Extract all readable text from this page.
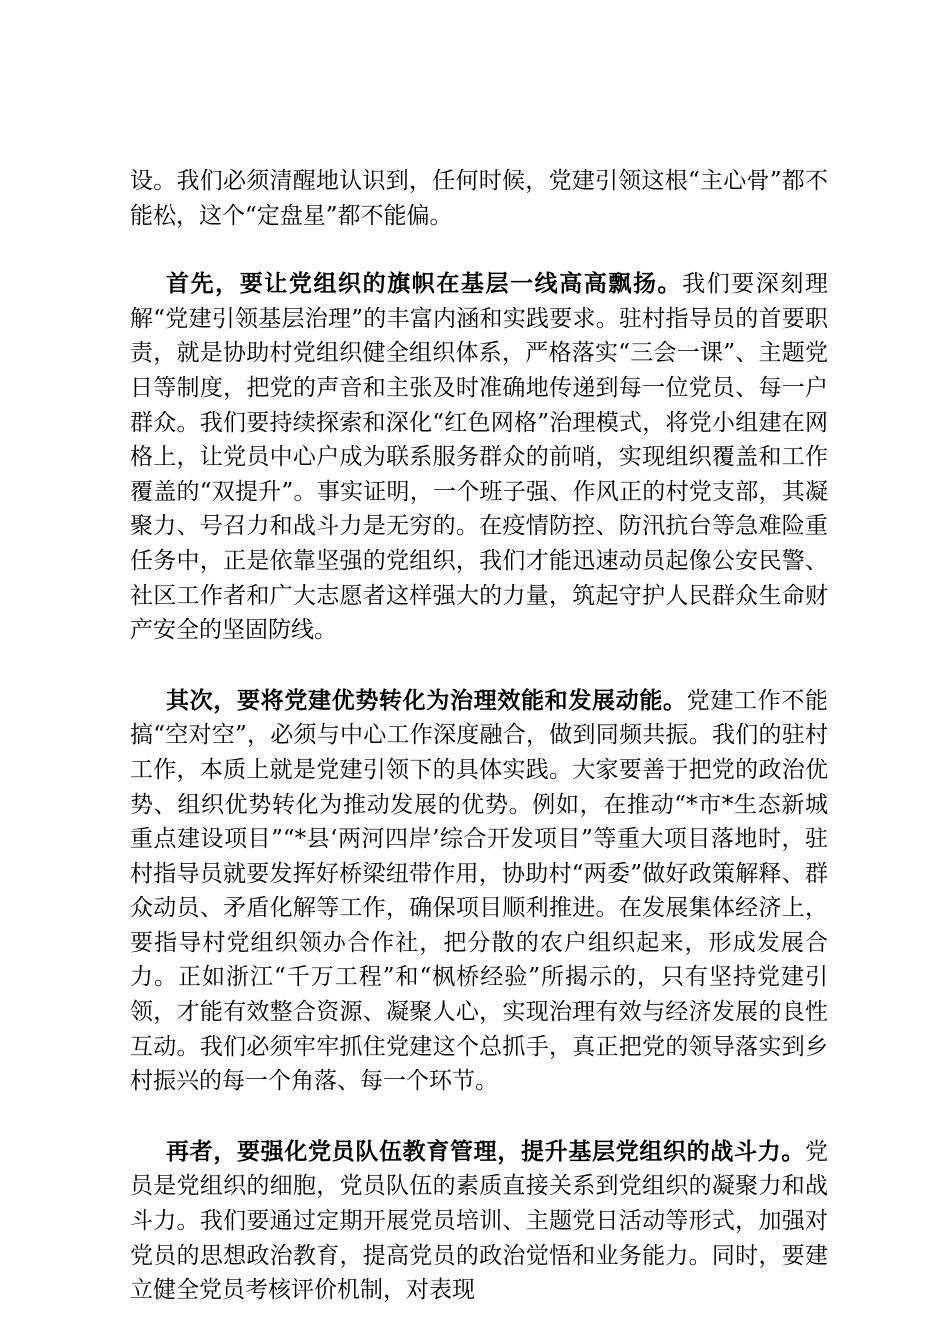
设。我们必须清醒地认识到，任何时候，党建引领这根“主心骨”都不能松，这个“定盘星”都不能偏。

首先，要让党组织的旗帜在基层一线高高飘扬。我们要深刻理解“党建引领基层治理”的丰富内涵和实践要求。驻村指导员的首要职责，就是协助村党组织健全组织体系，严格落实“三会一课”、主题党日等制度，把党的声音和主张及时准确地传递到每一位党员、每一户群众。我们要持续探索和深化“红色网格”治理模式，将党小组建在网格上，让党员中心户成为联系服务群众的前哨，实现组织覆盖和工作覆盖的“双提升”。事实证明，一个班子强、作风正的村党支部，其凝聚力、号召力和战斗力是无穷的。在疫情防控、防汛抗台等急难险重任务中，正是依靠坚强的党组织，我们才能迅速动员起像公安民警、社区工作者和广大志愿者这样强大的力量，筑起守护人民群众生命财产安全的坚固防线。

其次，要将党建优势转化为治理效能和发展动能。党建工作不能搞“空对空”，必须与中心工作深度融合，做到同频共振。我们的驻村工作，本质上就是党建引领下的具体实践。大家要善于把党的政治优势、组织优势转化为推动发展的优势。例如，在推动“*市*生态新城重点建设项目”“*县‘两河四岸’综合开发项目”等重大项目落地时，驻村指导员就要发挥好桥梁纽带作用，协助村“两委”做好政策解释、群众动员、矛盾化解等工作，确保项目顺利推进。在发展集体经济上，要指导村党组织领办合作社，把分散的农户组织起来，形成发展合力。正如浙江“千万工程”和“枫桥经验”所揭示的，只有坚持党建引领，才能有效整合资源、凝聚人心，实现治理有效与经济发展的良性互动。我们必须牢牢抓住党建这个总抓手，真正把党的领导落实到乡村振兴的每一个角落、每一个环节。

再者，要强化党员队伍教育管理，提升基层党组织的战斗力。党员是党组织的细胞，党员队伍的素质直接关系到党组织的凝聚力和战斗力。我们要通过定期开展党员培训、主题党日活动等形式，加强对党员的思想政治教育，提高党员的政治觉悟和业务能力。同时，要建立健全党员考核评价机制，对表现
